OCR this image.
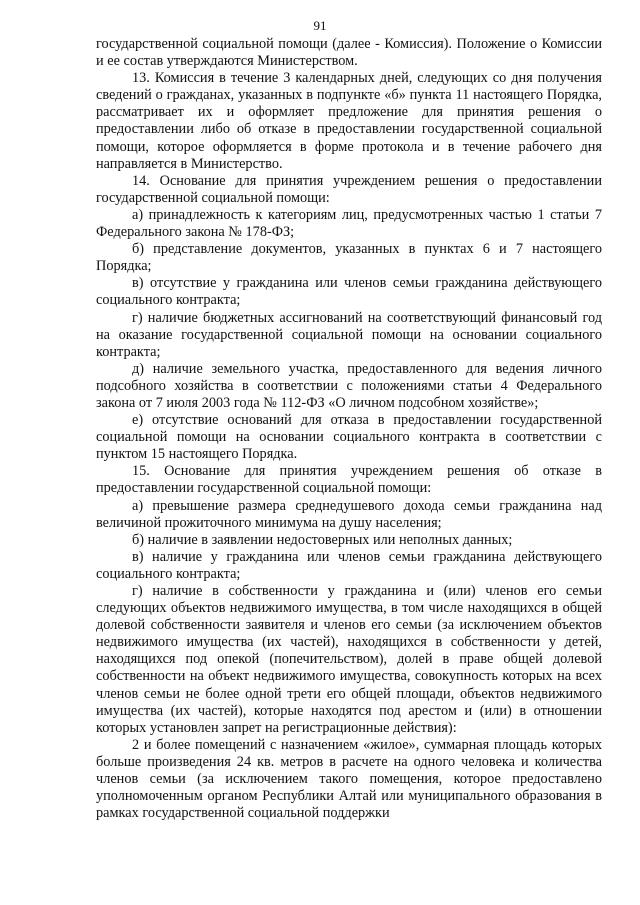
91

государственной социальной помощи (далее - Комиссия). Положение о Комиссии и ее состав утверждаются Министерством.

13. Комиссия в течение 3 календарных дней, следующих со дня получения сведений о гражданах, указанных в подпункте «б» пункта 11 настоящего Порядка, рассматривает их и оформляет предложение для принятия решения о предоставлении либо об отказе в предоставлении государственной социальной помощи, которое оформляется в форме протокола и в течение рабочего дня направляется в Министерство.

14. Основание для принятия учреждением решения о предоставлении государственной социальной помощи:

а) принадлежность к категориям лиц, предусмотренных частью 1 статьи 7 Федерального закона № 178-ФЗ;

б) представление документов, указанных в пунктах 6 и 7 настоящего Порядка;

в) отсутствие у гражданина или членов семьи гражданина действующего социального контракта;

г) наличие бюджетных ассигнований на соответствующий финансовый год на оказание государственной социальной помощи на основании социального контракта;

д) наличие земельного участка, предоставленного для ведения личного подсобного хозяйства в соответствии с положениями статьи 4 Федерального закона от 7 июля 2003 года № 112-ФЗ «О личном подсобном хозяйстве»;

е) отсутствие оснований для отказа в предоставлении государственной социальной помощи на основании социального контракта в соответствии с пунктом 15 настоящего Порядка.

15. Основание для принятия учреждением решения об отказе в предоставлении государственной социальной помощи:

а) превышение размера среднедушевого дохода семьи гражданина над величиной прожиточного минимума на душу населения;

б) наличие в заявлении недостоверных или неполных данных;

в) наличие у гражданина или членов семьи гражданина действующего социального контракта;

г) наличие в собственности у гражданина и (или) членов его семьи следующих объектов недвижимого имущества, в том числе находящихся в общей долевой собственности заявителя и членов его семьи (за исключением объектов недвижимого имущества (их частей), находящихся в собственности у детей, находящихся под опекой (попечительством), долей в праве общей долевой собственности на объект недвижимого имущества, совокупность которых на всех членов семьи не более одной трети его общей площади, объектов недвижимого имущества (их частей), которые находятся под арестом и (или) в отношении которых установлен запрет на регистрационные действия):

2 и более помещений с назначением «жилое», суммарная площадь которых больше произведения 24 кв. метров в расчете на одного человека и количества членов семьи (за исключением такого помещения, которое предоставлено уполномоченным органом Республики Алтай или муниципального образования в рамках государственной социальной поддержки
